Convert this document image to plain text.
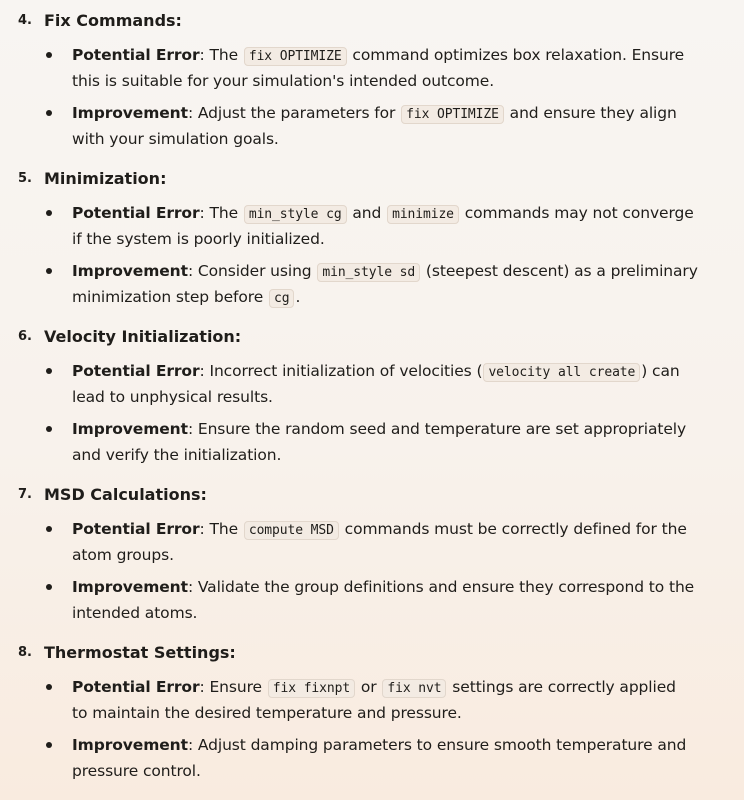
4. Fix Commands:
Potential Error: The fix OPTIMIZE command optimizes box relaxation. Ensure
this is suitable for your simulation's intended outcome.
Improvement: Adjust the parameters for fix OPTIMIZE and ensure they align
with your simulation goals.
5. Minimization:
Potential Error: The min_style cg and minimize commands may not converge
if the system is poorly initialized.
Improvement: Consider using min_style sd (steepest descent) as a preliminary
minimization step before cg .
6. Velocity Initialization:
Potential Error: Incorrect initialization of velocities ( velocity all create ) can
lead to unphysical results.
Improvement: Ensure the random seed and temperature are set appropriately
and verify the initialization.
7. MSD Calculations:
Potential Error: The compute MSD commands must be correctly defined for the
atom groups.
Improvement: Validate the group definitions and ensure they correspond to the
intended atoms.
8. Thermostat Settings:
Potential Error: Ensure fix fixnpt or fix nvt settings are correctly applied
to maintain the desired temperature and pressure.
Improvement: Adjust damping parameters to ensure smooth temperature and
pressure control.
